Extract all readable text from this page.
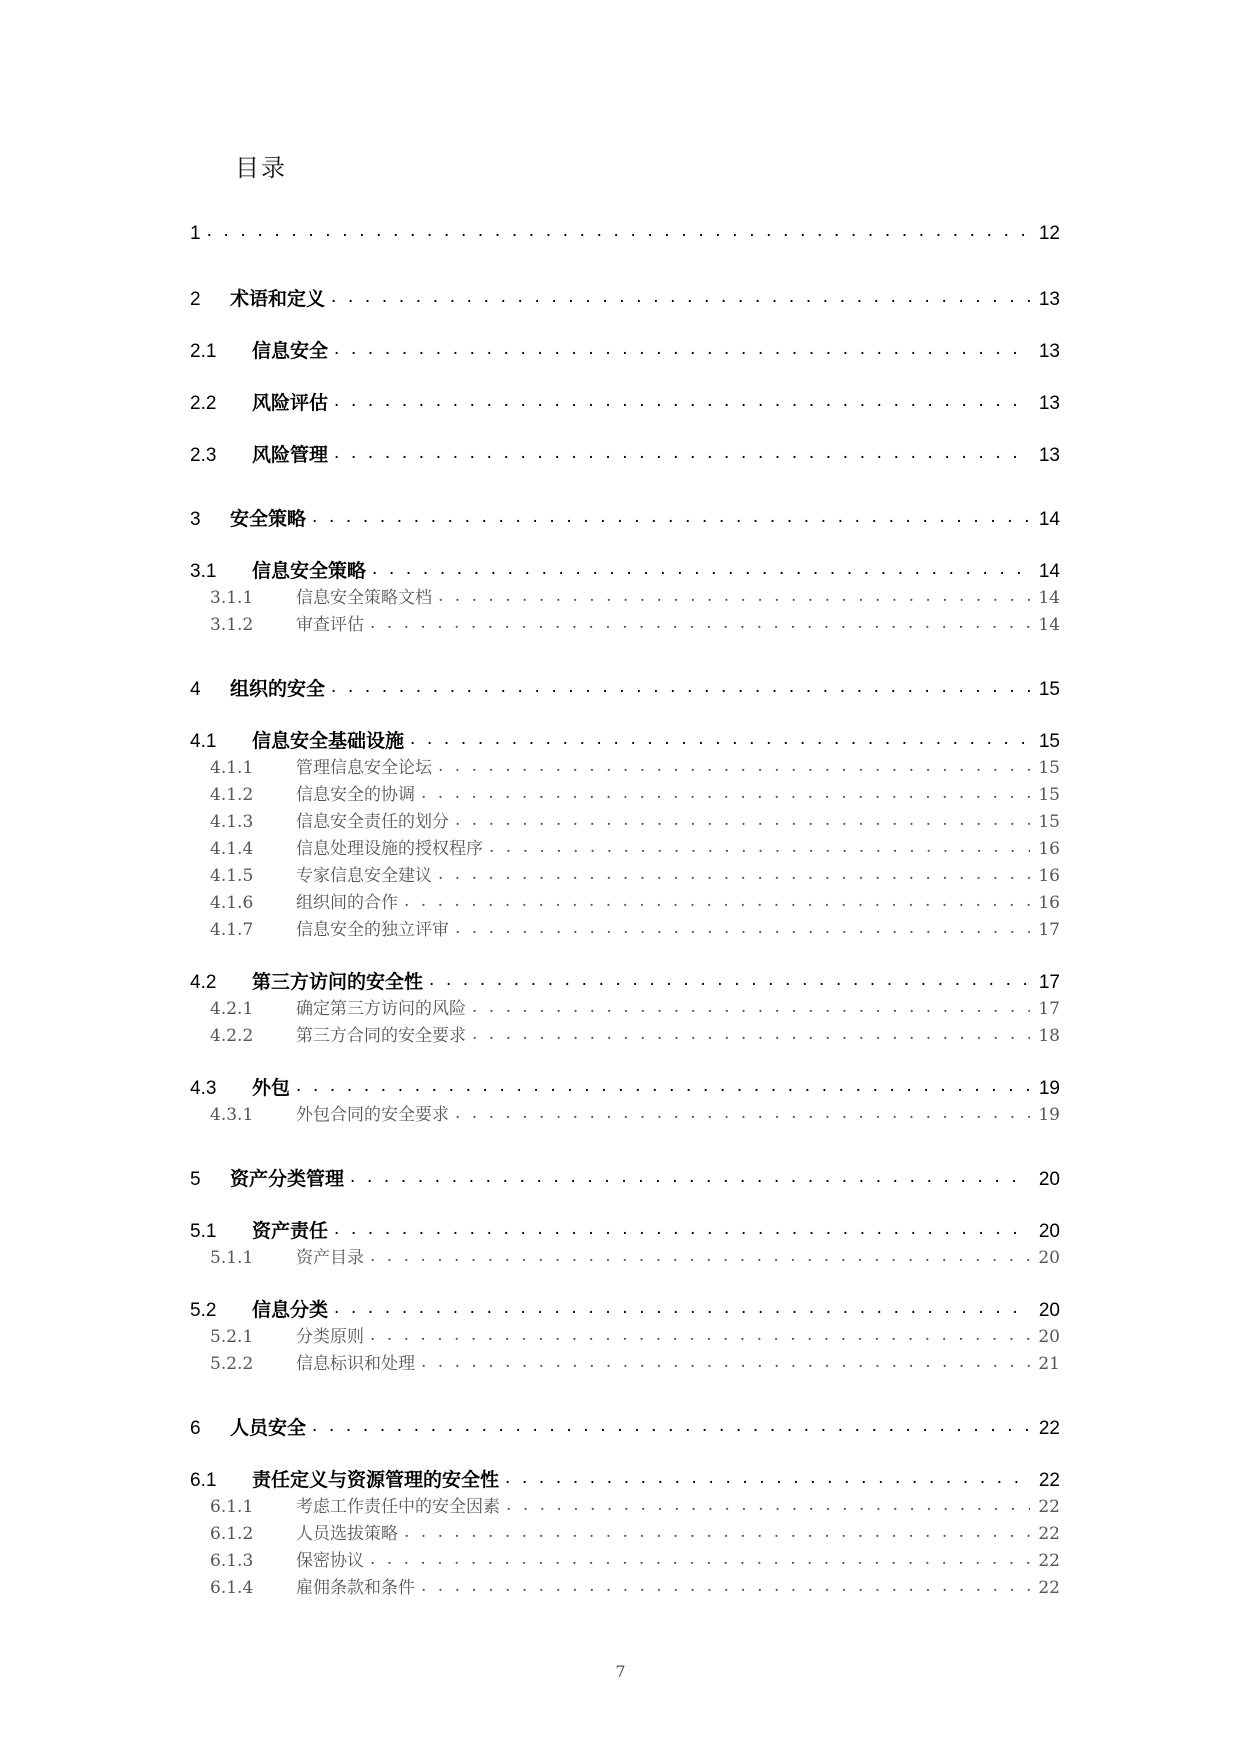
目录
1 . . .	12
2	术语和定义 . . .	13
2.1	信息安全 . . .	13
2.2	风险评估 . . .	13
2.3	风险管理 . . .	13
3	安全策略 . . .	14
3.1	信息安全策略 . . .	14
3.1.1	信息安全策略文档 . . .	14
3.1.2	审查评估 . . .	14
4	组织的安全 . . .	15
4.1	信息安全基础设施 . . .	15
4.1.1	管理信息安全论坛 . . .	15
4.1.2	信息安全的协调 . . .	15
4.1.3	信息安全责任的划分 . . .	15
4.1.4	信息处理设施的授权程序 . . .	16
4.1.5	专家信息安全建议 . . .	16
4.1.6	组织间的合作 . . .	16
4.1.7	信息安全的独立评审 . . .	17
4.2	第三方访问的安全性 . . .	17
4.2.1	确定第三方访问的风险 . . .	17
4.2.2	第三方合同的安全要求 . . .	18
4.3	外包 . . .	19
4.3.1	外包合同的安全要求 . . .	19
5	资产分类管理 . . .	20
5.1	资产责任 . . .	20
5.1.1	资产目录 . . .	20
5.2	信息分类 . . .	20
5.2.1	分类原则 . . .	20
5.2.2	信息标识和处理 . . .	21
6	人员安全 . . .	22
6.1	责任定义与资源管理的安全性 . . .	22
6.1.1	考虑工作责任中的安全因素 . . .	22
6.1.2	人员选拔策略 . . .	22
6.1.3	保密协议 . . .	22
6.1.4	雇佣条款和条件 . . .	22
7
